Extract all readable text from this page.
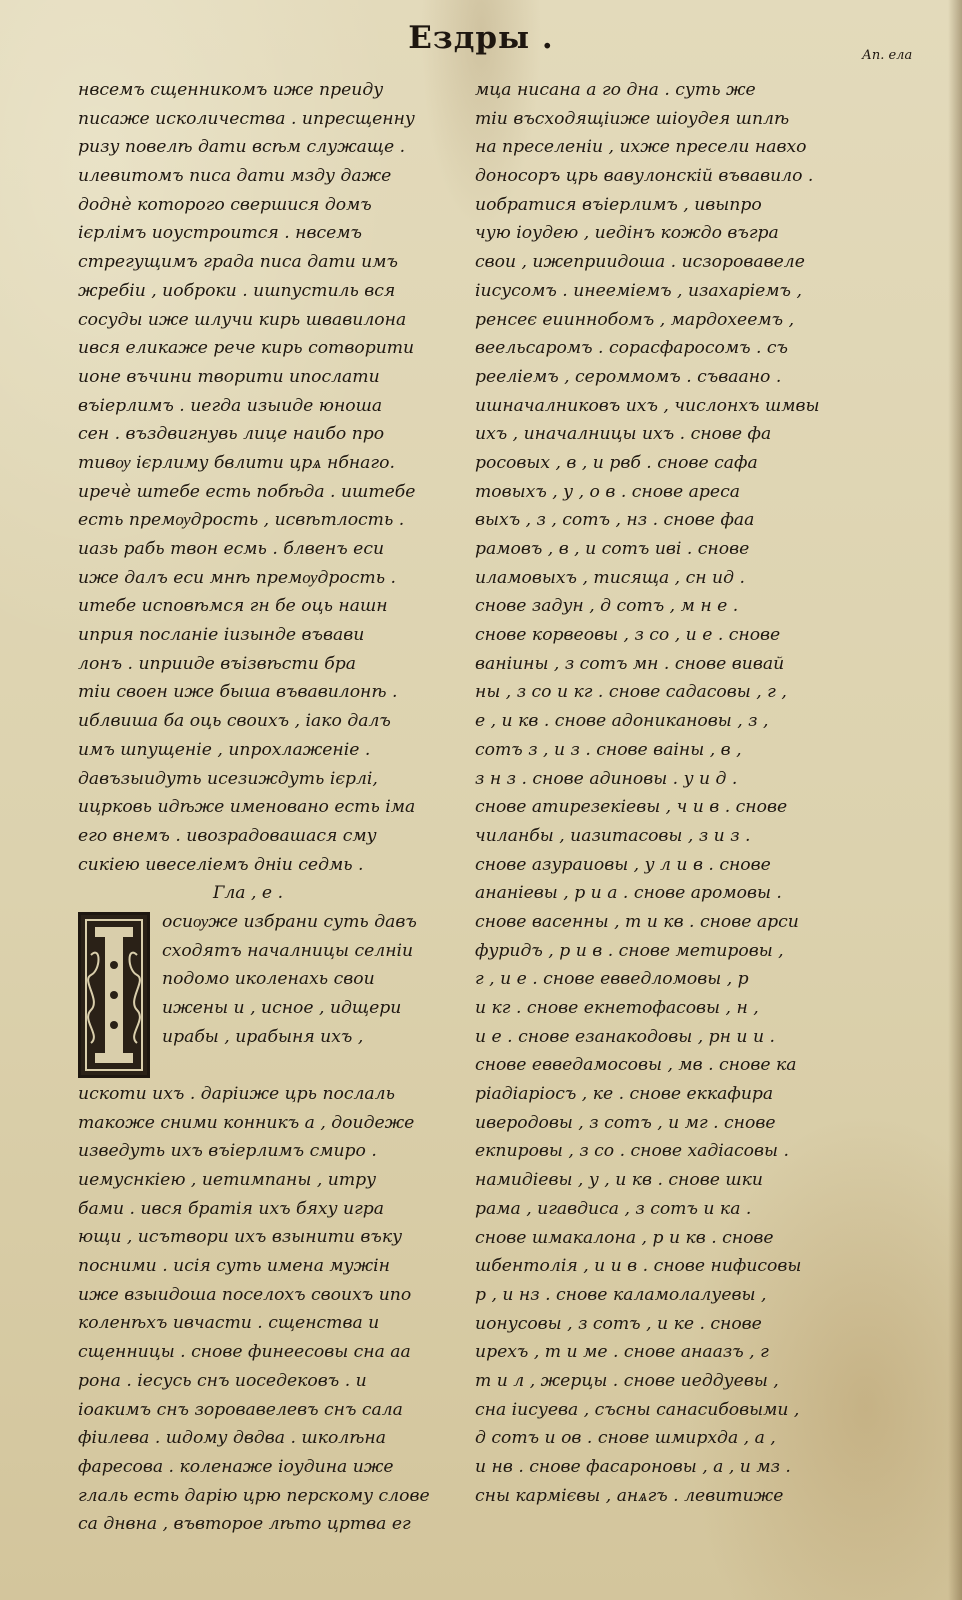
Ездры .	Аn. ела
нвсемъ сщенникомъ иже преиду
писаже исколичества . ипресщенну
ризу повелѣ дати всѣм служаще .
илевитомъ писа дати мзду даже
доднѐ которого свершися домъ
ієрлімъ иоустроится . нвсемъ
стрегущимъ града писа дати имъ
жребіи , иоброки . ишпустиль вся
сосуды иже шлучи кирь швавилона
ився еликаже рече кирь сотворити
ионе въчини творити ипослати
въіерлимъ . иегда изыиде юноша
сен . въздвигнувь лице наибо про
тивѹ ієрлиму бвлити црѧ нбнаго.
иречѐ штебе есть побѣда . иштебе
есть премѹдрость , исвѣтлость .
иазь рабь твон есмь . блвенъ еси
иже далъ еси мнѣ премѹдрость .
итебе исповѣмся гн бе оць нашн
иприя посланіе іизынде въвави
лонъ . иприиде въізвѣсти бра
тіи своен иже быша въвавилонѣ .
иблвиша ба оць своихъ , іако далъ
имъ шпущеніе , ипрохлаженіе .
давъзыидуть исезиждуть ієрлі,
ицрковь идѣже именовано есть іма
его внемъ . ивозрадовашася сму
сикіею ивеселіемъ дніи седмь .
Гла , е .
осиѹже избрани суть давъ
сходятъ началницы селніи
подомо иколенахь свои
ижены и , исное , идщери
ирабы , ирабыня ихъ ,
искоти ихъ . даріиже црь послаль
такоже сними конникъ а , доидеже
изведуть ихъ въіерлимъ смиро .
иемуснкіею , иетимпаны , итру
бами . ився братія ихъ бяху игра
ющи , исътвори ихъ взынити въку
посними . исія суть имена мужін
иже взыидоша поселохъ своихъ ипо
коленѣхъ ивчасти . сщенства и
сщенницы . снове финеесовы сна аа
рона . іесусь снъ иоседековъ . и
іоакимъ снъ зоровавелевъ снъ сала
фіилева . шдому двдва . школѣна
фаресова . коленаже іоудина иже
глаль есть дарію црю перскому слове
са днвна , въвторое лѣто цртва ег
мца нисана а го дна . суть же
тіи въсходящіиже шіоудея шплѣ
на преселеніи , ихже пресели навхо
доносоръ црь вавулонскій въвавило .
иобратися въіерлимъ , ивыпро
чую іоудею , иедінъ кождо въгра
свои , ижеприидоша . исзоровавеле
іисусомъ . инееміемъ , изахаріемъ ,
ренсеє еииннобомъ , мардохеемъ ,
веельсаромъ . сорасфаросомъ . съ
рееліемъ , сероммомъ . съваано .
ишначалниковъ ихъ , числонхъ шмвы
ихъ , иначалницы ихъ . снове фа
росовых , в , и рвб . снове сафа
товыхъ , у , о в . снове ареса
выхъ , з , сотъ , нз . снове фаа
рамовъ , в , и сотъ иві . снове
иламовыхъ , тисяща , сн ид .
снове задун , д сотъ , м н е .
снове корвеовы , з со , и е . снове
ваніины , з сотъ мн . снове вивай
ны , з со и кг . снове садасовы , г ,
е , и кв . снове адоникановы , з ,
сотъ з , и з . снове ваіны , в ,
з н з . снове адиновы . у и д .
снове атирезекіевы , ч и в . снове
чиланбы , иазитасовы , з и з .
снове азураиовы , у л и в . снове
ананіевы , р и а . снове аромовы .
снове васенны , т и кв . снове арси
фуридъ , р и в . снове метировы ,
г , и е . снове евведломовы , р
и кг . снове екнетофасовы , н ,
и е . снове езанакодовы , рн и и .
снове евведамосовы , мв . снове ка
ріадіаріосъ , ке . снове еккафира
иверодовы , з сотъ , и мг . снове
екпировы , з со . снове хадіасовы .
намидіевы , у , и кв . снове шки
рама , игавдиса , з сотъ и ка .
снове шмакалона , р и кв . снове
шбентолія , и и в . снове нифисовы
р , и нз . снове каламолалуевы ,
ионусовы , з сотъ , и ке . снове
ирехъ , т и ме . снове анаазъ , г
т и л , жерцы . снове иеддуевы ,
сна іисуева , съсны санасибовыми ,
д сотъ и ов . снове шмирхда , а ,
и нв . снове фасароновы , а , и мз .
сны кармієвы , анѧгъ . левитиже
